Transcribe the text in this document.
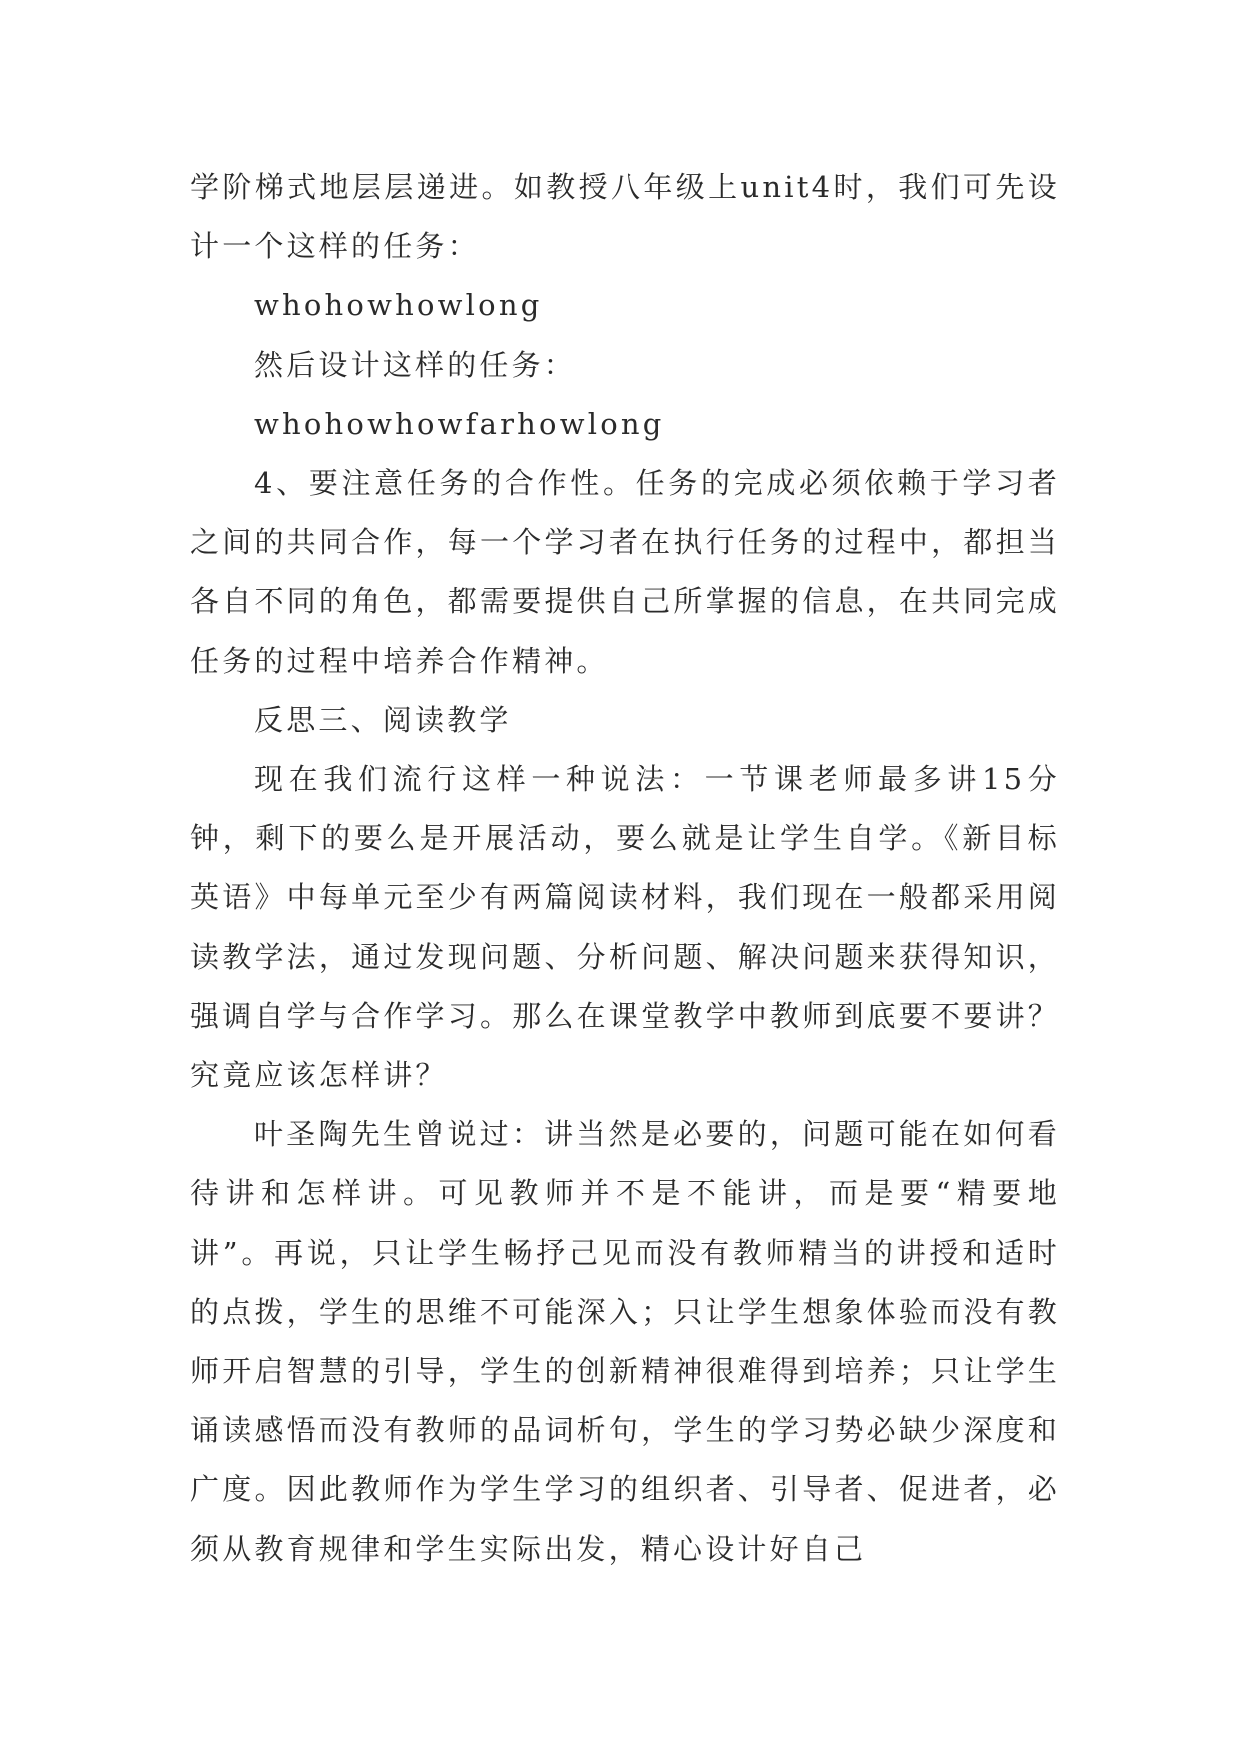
学阶梯式地层层递进。如教授八年级上unit4时，我们可先设计一个这样的任务：

whohowhowlong

然后设计这样的任务：

whohowhowfarhowlong

4、要注意任务的合作性。任务的完成必须依赖于学习者之间的共同合作，每一个学习者在执行任务的过程中，都担当各自不同的角色，都需要提供自己所掌握的信息，在共同完成任务的过程中培养合作精神。

反思三、阅读教学

现在我们流行这样一种说法：一节课老师最多讲15分钟，剩下的要么是开展活动，要么就是让学生自学。《新目标英语》中每单元至少有两篇阅读材料，我们现在一般都采用阅读教学法，通过发现问题、分析问题、解决问题来获得知识，强调自学与合作学习。那么在课堂教学中教师到底要不要讲？究竟应该怎样讲？

叶圣陶先生曾说过：讲当然是必要的，问题可能在如何看待讲和怎样讲。可见教师并不是不能讲，而是要“精要地讲”。再说，只让学生畅抒己见而没有教师精当的讲授和适时的点拨，学生的思维不可能深入；只让学生想象体验而没有教师开启智慧的引导，学生的创新精神很难得到培养；只让学生诵读感悟而没有教师的品词析句，学生的学习势必缺少深度和广度。因此教师作为学生学习的组织者、引导者、促进者，必须从教育规律和学生实际出发，精心设计好自己
